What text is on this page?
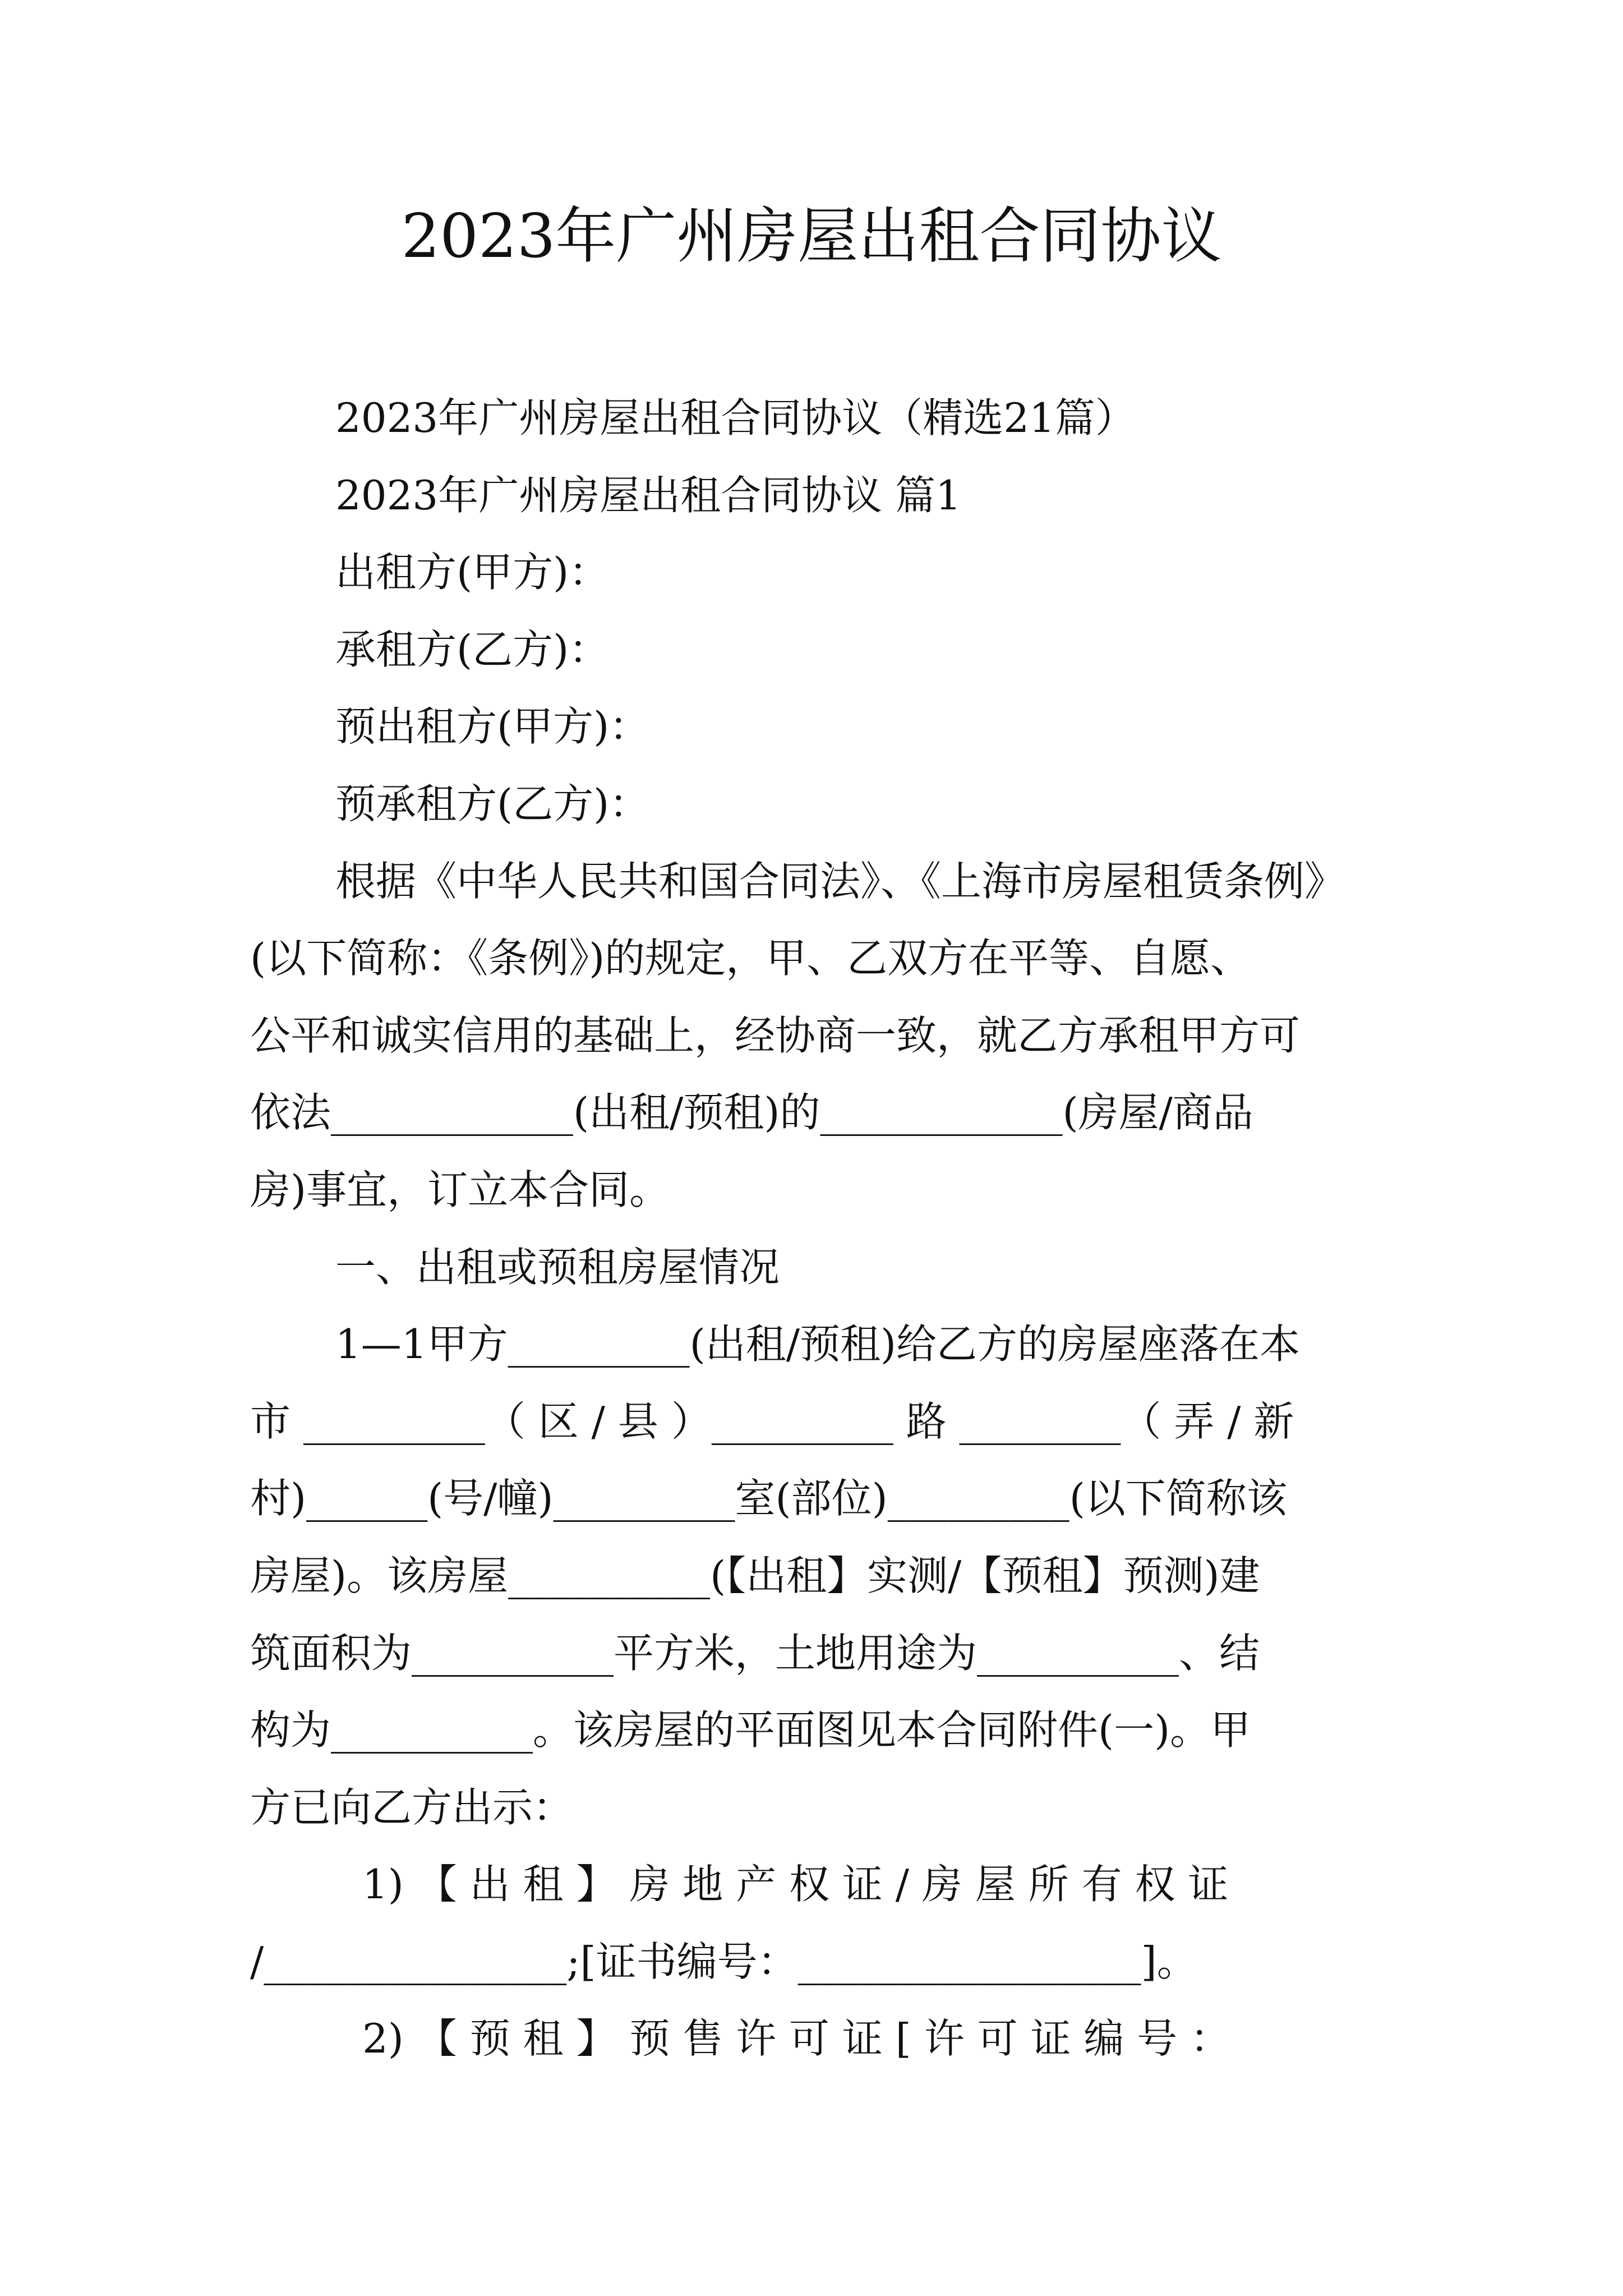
2023年广州房屋出租合同协议

2023年广州房屋出租合同协议（精选21篇）

2023年广州房屋出租合同协议 篇1

出租方(甲方)：

承租方(乙方)：

预出租方(甲方)：

预承租方(乙方)：

根据《中华人民共和国合同法》、《上海市房屋租赁条例》

(以下简称：《条例》)的规定，甲、乙双方在平等、自愿、

公平和诚实信用的基础上，经协商一致，就乙方承租甲方可

依法____________(出租/预租)的____________(房屋/商品

房)事宜，订立本合同。

一、出租或预租房屋情况

1—1甲方_________(出租/预租)给乙方的房屋座落在本

市 _________（ 区 / 县 ）_________ 路 ________（ 弄 / 新

村)______(号/幢)_________室(部位)_________(以下简称该

房屋)。该房屋__________(【出租】实测/【预租】预测)建

筑面积为__________平方米，土地用途为__________、结

构为__________。该房屋的平面图见本合同附件(一)。甲

方已向乙方出示：

1) 【 出 租 】 房 地 产 权 证 / 房 屋 所 有 权 证

/_______________;[证书编号：_________________]。

2) 【 预 租 】 预 售 许 可 证 [ 许 可 证 编 号 ：
